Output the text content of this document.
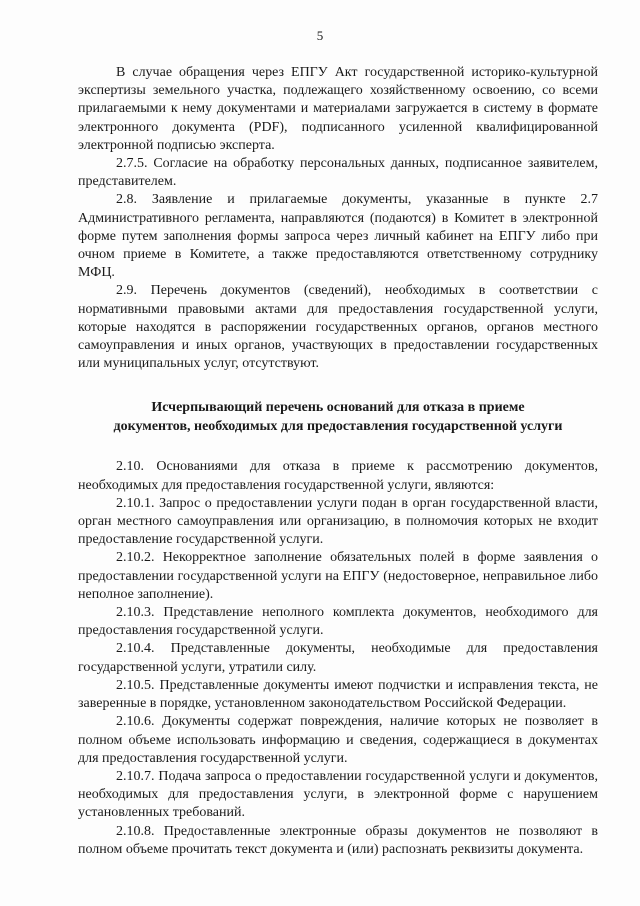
5

В случае обращения через ЕПГУ Акт государственной историко-культурной экспертизы земельного участка, подлежащего хозяйственному освоению, со всеми прилагаемыми к нему документами и материалами загружается в систему в формате электронного документа (PDF), подписанного усиленной квалифицированной электронной подписью эксперта.

2.7.5. Согласие на обработку персональных данных, подписанное заявителем, представителем.

2.8. Заявление и прилагаемые документы, указанные в пункте 2.7 Административного регламента, направляются (подаются) в Комитет в электронной форме путем заполнения формы запроса через личный кабинет на ЕПГУ либо при очном приеме в Комитете, а также предоставляются ответственному сотруднику МФЦ.

2.9. Перечень документов (сведений), необходимых в соответствии с нормативными правовыми актами для предоставления государственной услуги, которые находятся в распоряжении государственных органов, органов местного самоуправления и иных органов, участвующих в предоставлении государственных или муниципальных услуг, отсутствуют.

Исчерпывающий перечень оснований для отказа в приеме
документов, необходимых для предоставления государственной услуги

2.10. Основаниями для отказа в приеме к рассмотрению документов, необходимых для предоставления государственной услуги, являются:

2.10.1. Запрос о предоставлении услуги подан в орган государственной власти, орган местного самоуправления или организацию, в полномочия которых не входит предоставление государственной услуги.

2.10.2. Некорректное заполнение обязательных полей в форме заявления о предоставлении государственной услуги на ЕПГУ (недостоверное, неправильное либо неполное заполнение).

2.10.3. Представление неполного комплекта документов, необходимого для предоставления государственной услуги.

2.10.4. Представленные документы, необходимые для предоставления государственной услуги, утратили силу.

2.10.5. Представленные документы имеют подчистки и исправления текста, не заверенные в порядке, установленном законодательством Российской Федерации.

2.10.6. Документы содержат повреждения, наличие которых не позволяет в полном объеме использовать информацию и сведения, содержащиеся в документах для предоставления государственной услуги.

2.10.7. Подача запроса о предоставлении государственной услуги и документов, необходимых для предоставления услуги, в электронной форме с нарушением установленных требований.

2.10.8. Предоставленные электронные образы документов не позволяют в полном объеме прочитать текст документа и (или) распознать реквизиты документа.
